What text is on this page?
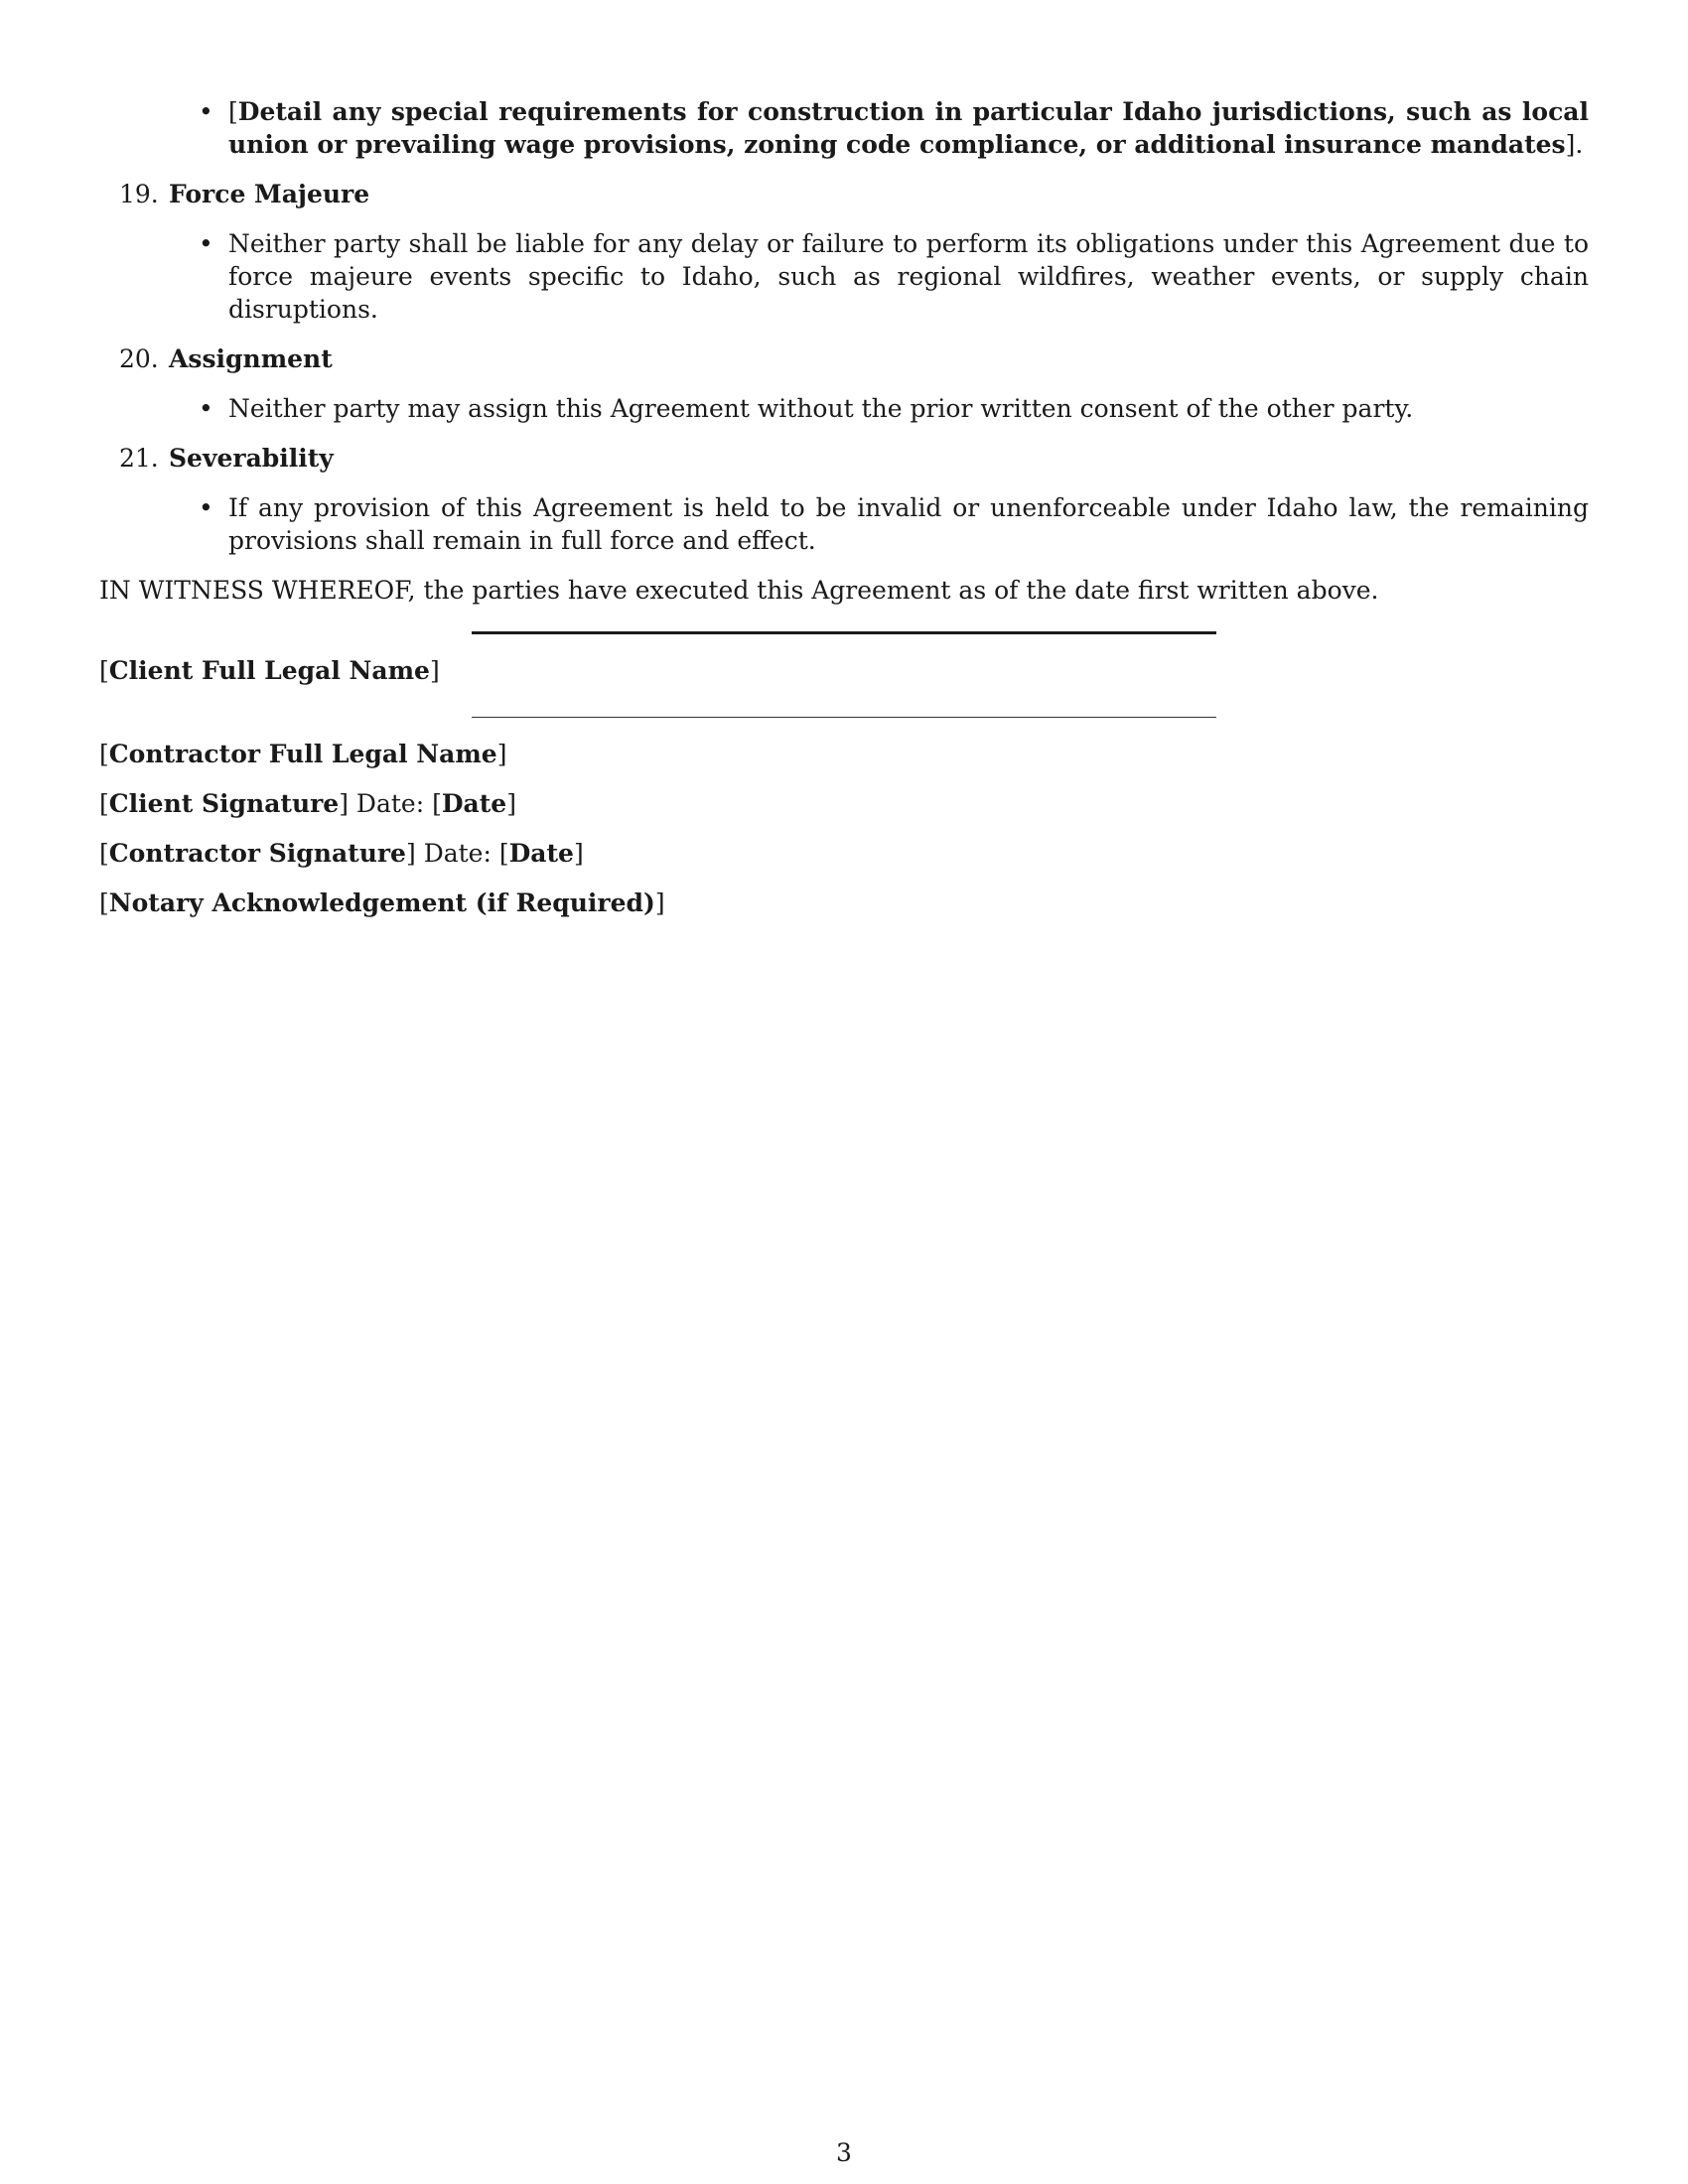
• [Detail any special requirements for construction in particular Idaho jurisdictions, such as local union or prevailing wage provisions, zoning code compliance, or additional insurance mandates].
19. Force Majeure
• Neither party shall be liable for any delay or failure to perform its obligations under this Agreement due to force majeure events specific to Idaho, such as regional wildfires, weather events, or supply chain disruptions.
20. Assignment
• Neither party may assign this Agreement without the prior written consent of the other party.
21. Severability
• If any provision of this Agreement is held to be invalid or unenforceable under Idaho law, the remaining provisions shall remain in full force and effect.
IN WITNESS WHEREOF, the parties have executed this Agreement as of the date first written above.
[Client Full Legal Name]
[Contractor Full Legal Name]
[Client Signature] Date: [Date]
[Contractor Signature] Date: [Date]
[Notary Acknowledgement (if Required)]
3
